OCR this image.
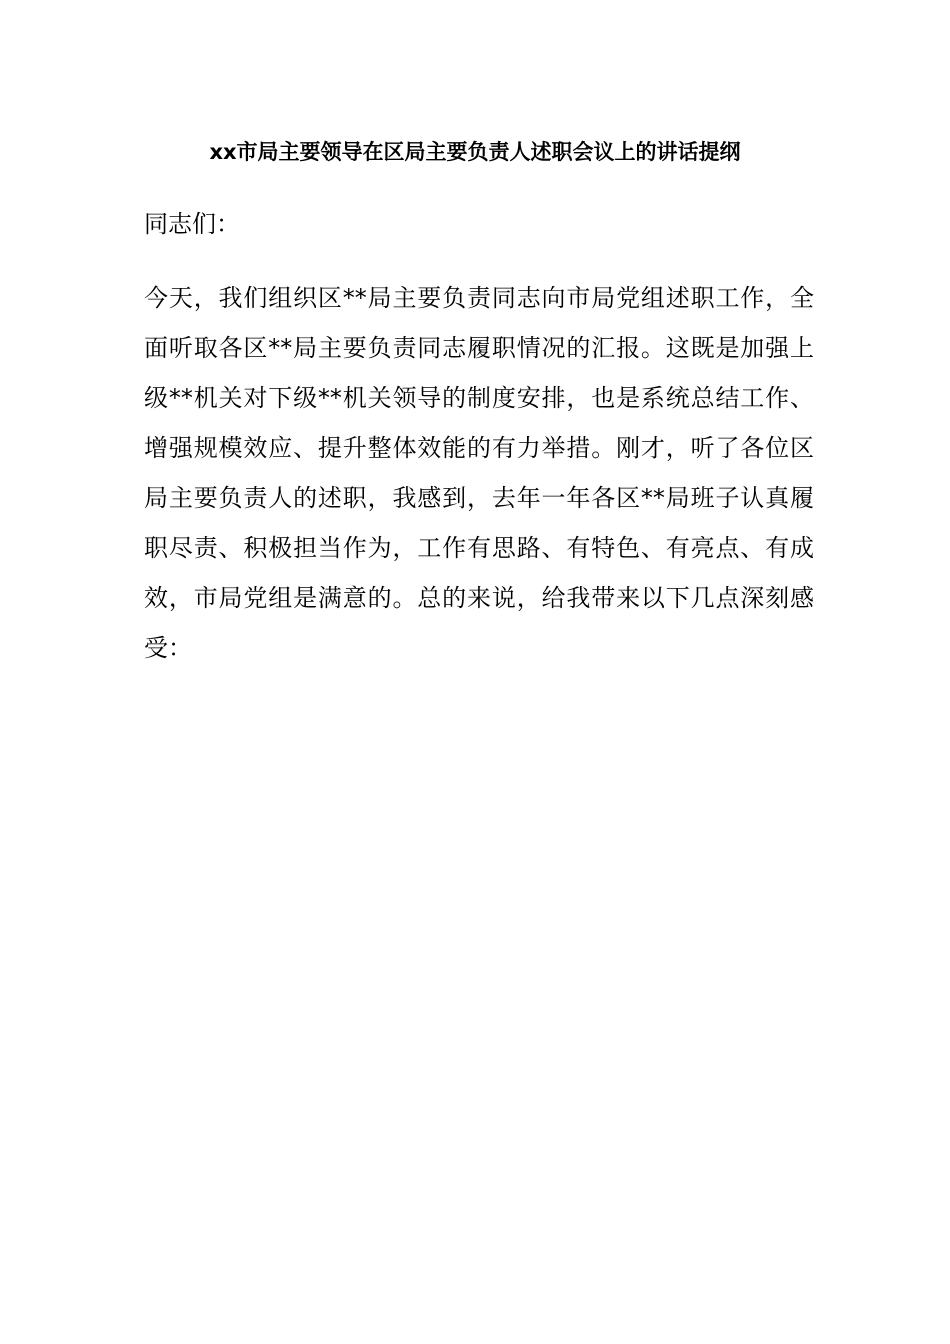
xx市局主要领导在区局主要负责人述职会议上的讲话提纲
同志们：
今天，我们组织区**局主要负责同志向市局党组述职工作，全
面听取各区**局主要负责同志履职情况的汇报。这既是加强上
级**机关对下级**机关领导的制度安排，也是系统总结工作、
增强规模效应、提升整体效能的有力举措。刚才，听了各位区
局主要负责人的述职，我感到，去年一年各区**局班子认真履
职尽责、积极担当作为，工作有思路、有特色、有亮点、有成
效，市局党组是满意的。总的来说，给我带来以下几点深刻感
受：
